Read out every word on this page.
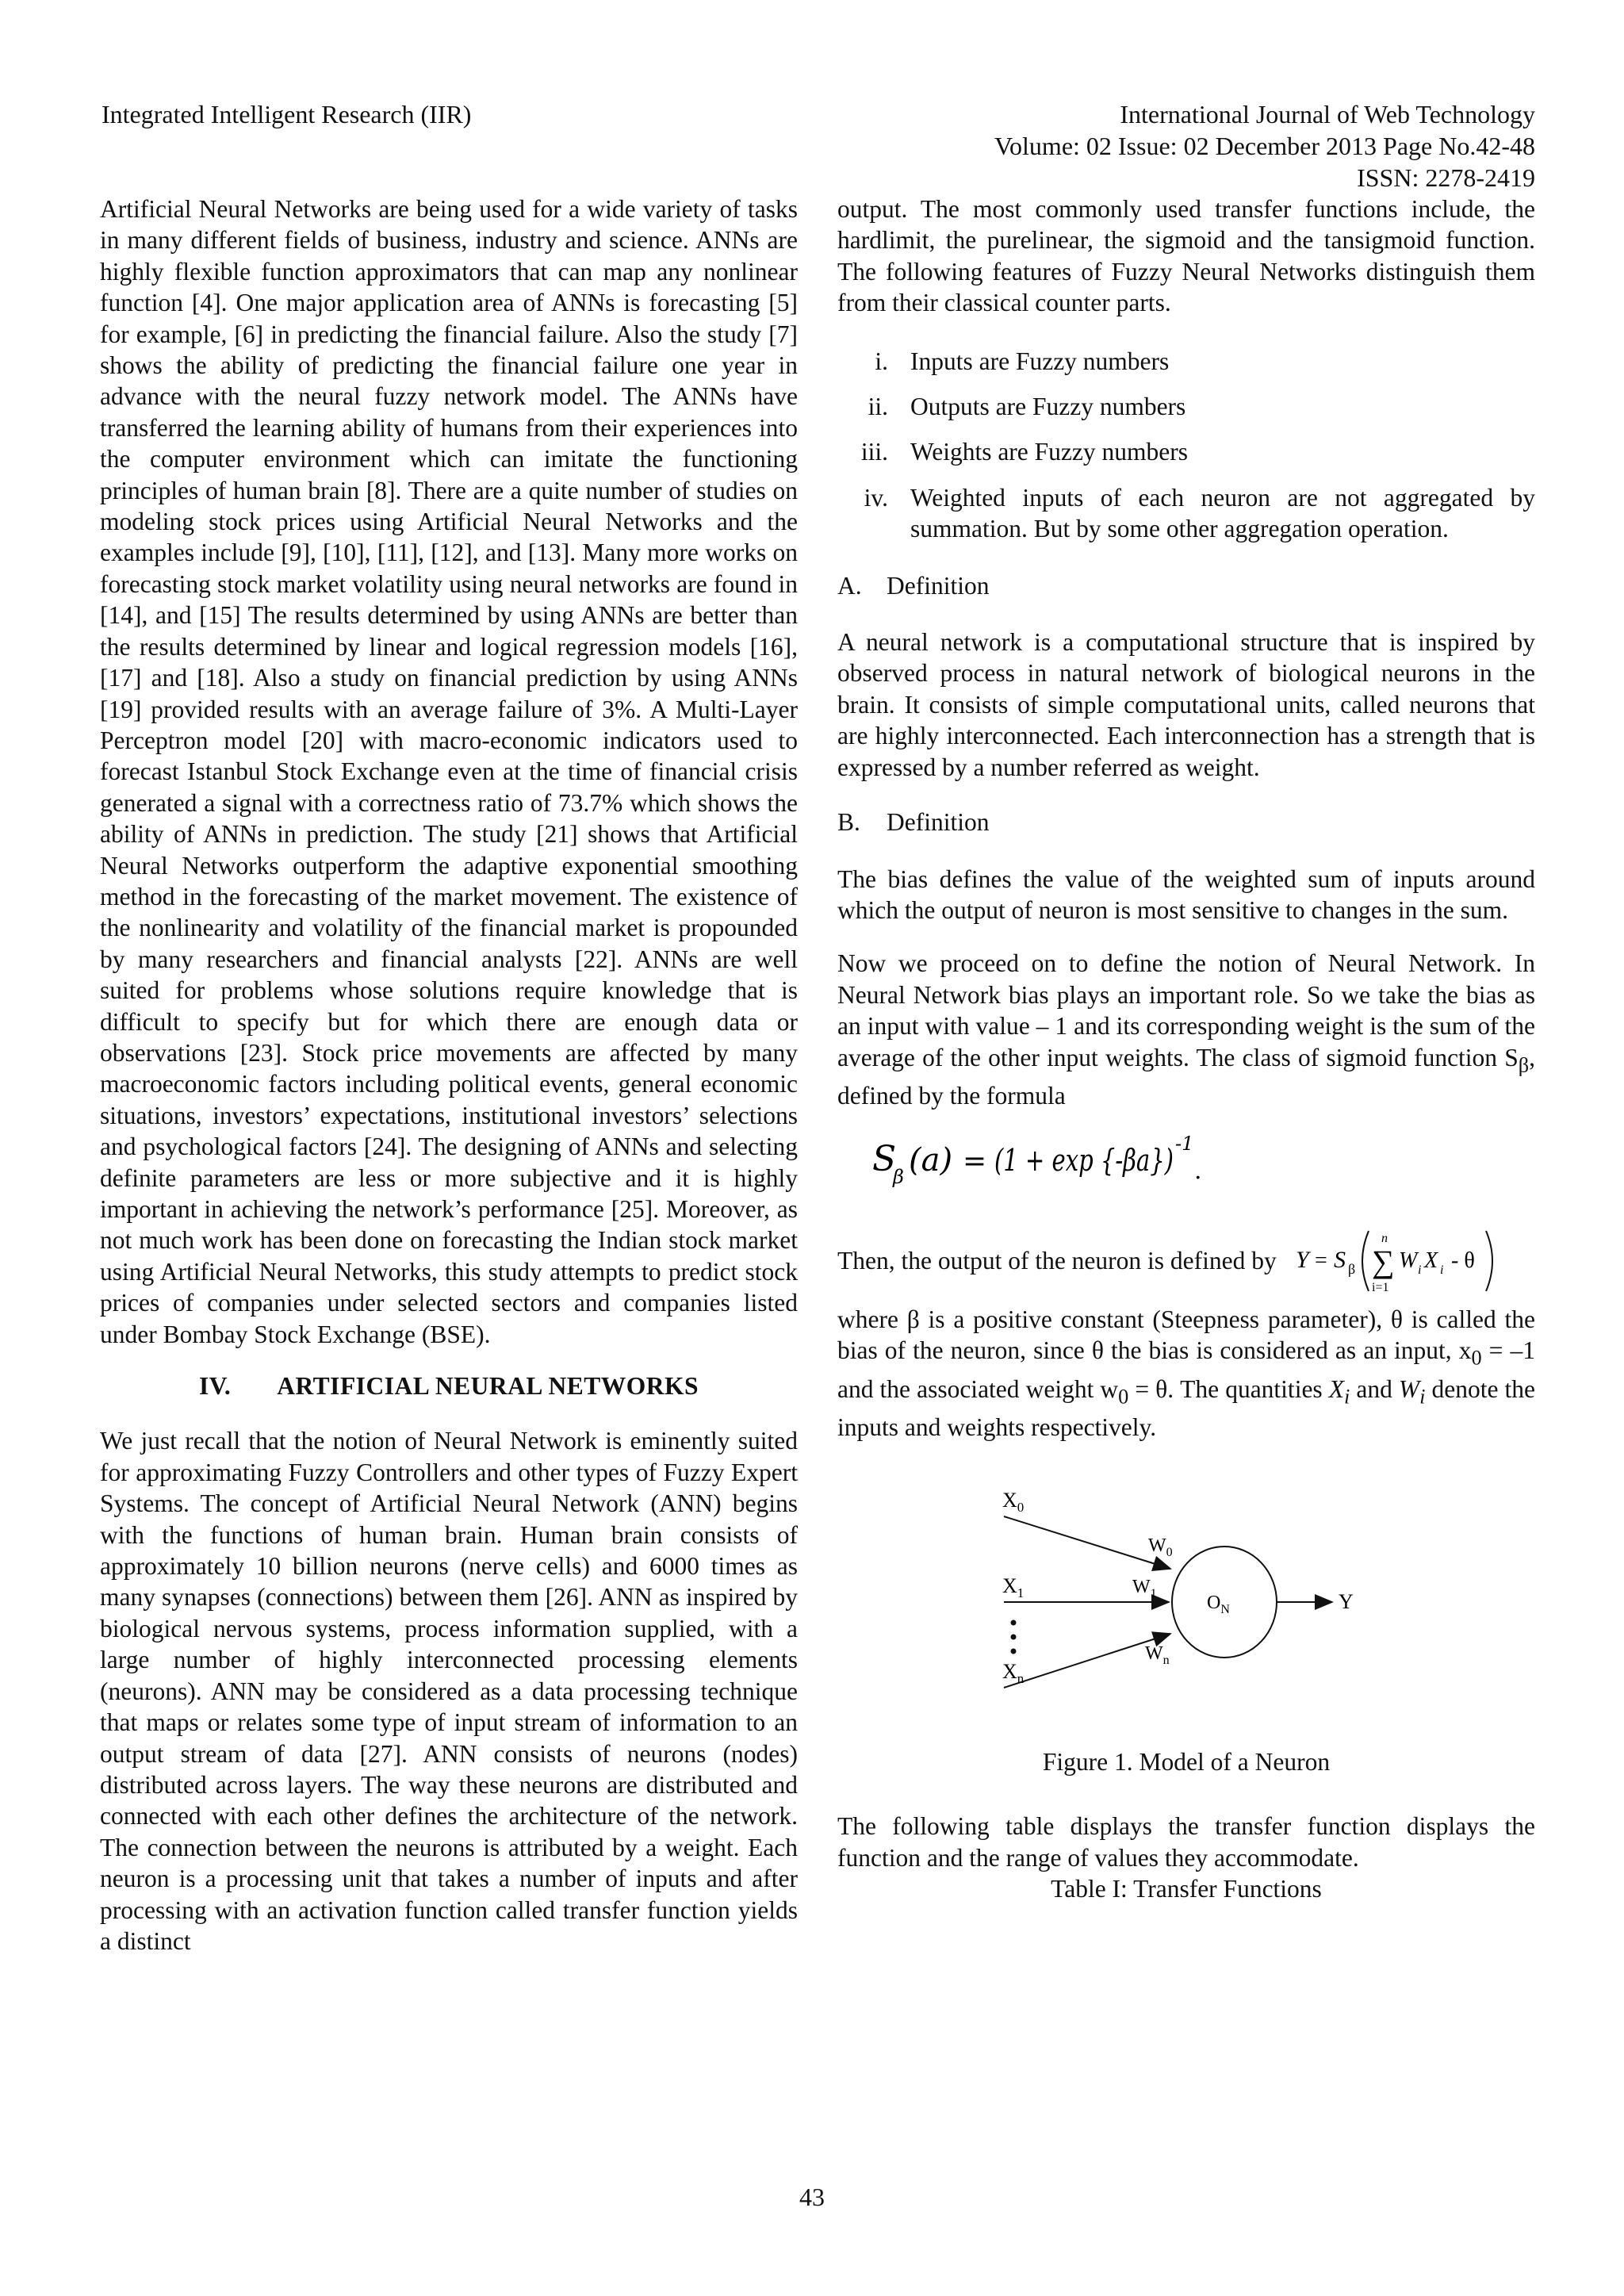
Integrated Intelligent Research (IIR)	International Journal of Web Technology
Volume: 02 Issue: 02 December 2013 Page No.42-48
ISSN: 2278-2419

Artificial Neural Networks are being used for a wide variety of tasks in many different fields of business, industry and science. ANNs are highly flexible function approximators that can map any nonlinear function [4]. One major application area of ANNs is forecasting [5] for example, [6] in predicting the financial failure. Also the study [7] shows the ability of predicting the financial failure one year in advance with the neural fuzzy network model. The ANNs have transferred the learning ability of humans from their experiences into the computer environment which can imitate the functioning principles of human brain [8]. There are a quite number of studies on modeling stock prices using Artificial Neural Networks and the examples include [9], [10], [11], [12], and [13]. Many more works on forecasting stock market volatility using neural networks are found in [14], and [15] The results determined by using ANNs are better than the results determined by linear and logical regression models [16], [17] and [18]. Also a study on financial prediction by using ANNs [19] provided results with an average failure of 3%. A Multi-Layer Perceptron model [20] with macro-economic indicators used to forecast Istanbul Stock Exchange even at the time of financial crisis generated a signal with a correctness ratio of 73.7% which shows the ability of ANNs in prediction. The study [21] shows that Artificial Neural Networks outperform the adaptive exponential smoothing method in the forecasting of the market movement. The existence of the nonlinearity and volatility of the financial market is propounded by many researchers and financial analysts [22]. ANNs are well suited for problems whose solutions require knowledge that is difficult to specify but for which there are enough data or observations [23]. Stock price movements are affected by many macroeconomic factors including political events, general economic situations, investors’ expectations, institutional investors’ selections and psychological factors [24]. The designing of ANNs and selecting definite parameters are less or more subjective and it is highly important in achieving the network’s performance [25]. Moreover, as not much work has been done on forecasting the Indian stock market using Artificial Neural Networks, this study attempts to predict stock prices of companies under selected sectors and companies listed under Bombay Stock Exchange (BSE).

IV. ARTIFICIAL NEURAL NETWORKS

We just recall that the notion of Neural Network is eminently suited for approximating Fuzzy Controllers and other types of Fuzzy Expert Systems. The concept of Artificial Neural Network (ANN) begins with the functions of human brain. Human brain consists of approximately 10 billion neurons (nerve cells) and 6000 times as many synapses (connections) between them [26]. ANN as inspired by biological nervous systems, process information supplied, with a large number of highly interconnected processing elements (neurons). ANN may be considered as a data processing technique that maps or relates some type of input stream of information to an output stream of data [27]. ANN consists of neurons (nodes) distributed across layers. The way these neurons are distributed and connected with each other defines the architecture of the network. The connection between the neurons is attributed by a weight. Each neuron is a processing unit that takes a number of inputs and after processing with an activation function called transfer function yields a distinct

output. The most commonly used transfer functions include, the hardlimit, the purelinear, the sigmoid and the tansigmoid function. The following features of Fuzzy Neural Networks distinguish them from their classical counter parts.

i. Inputs are Fuzzy numbers
ii. Outputs are Fuzzy numbers
iii. Weights are Fuzzy numbers
iv. Weighted inputs of each neuron are not aggregated by summation. But by some other aggregation operation.
A. Definition

A neural network is a computational structure that is inspired by observed process in natural network of biological neurons in the brain. It consists of simple computational units, called neurons that are highly interconnected. Each interconnection has a strength that is expressed by a number referred as weight.

B. Definition

The bias defines the value of the weighted sum of inputs around which the output of neuron is most sensitive to changes in the sum.

Now we proceed on to define the notion of Neural Network. In Neural Network bias plays an important role. So we take the bias as an input with value – 1 and its corresponding weight is the sum of the average of the other input weights. The class of sigmoid function $S_\beta$, defined by the formula

S
β (a) = (1 + exp {-βa}) -1
.
Then, the output of the neuron is defined by Y = S β
n
∑
i=1
W i X i - θ

where β is a positive constant (Steepness parameter), θ is called the bias of the neuron, since θ the bias is considered as an input, $x_0 = -1$ and the associated weight $w_0 = \theta$. The quantities $X_i$ and $W_i$ denote the inputs and weights respectively.

$X_0$
$X_1$
$X_n$
$W_0$
$W_1$
$W_n$
$O_N$	Y
Figure 1. Model of a Neuron

The following table displays the transfer function displays the function and the range of values they accommodate.

Table I: Transfer Functions
43
